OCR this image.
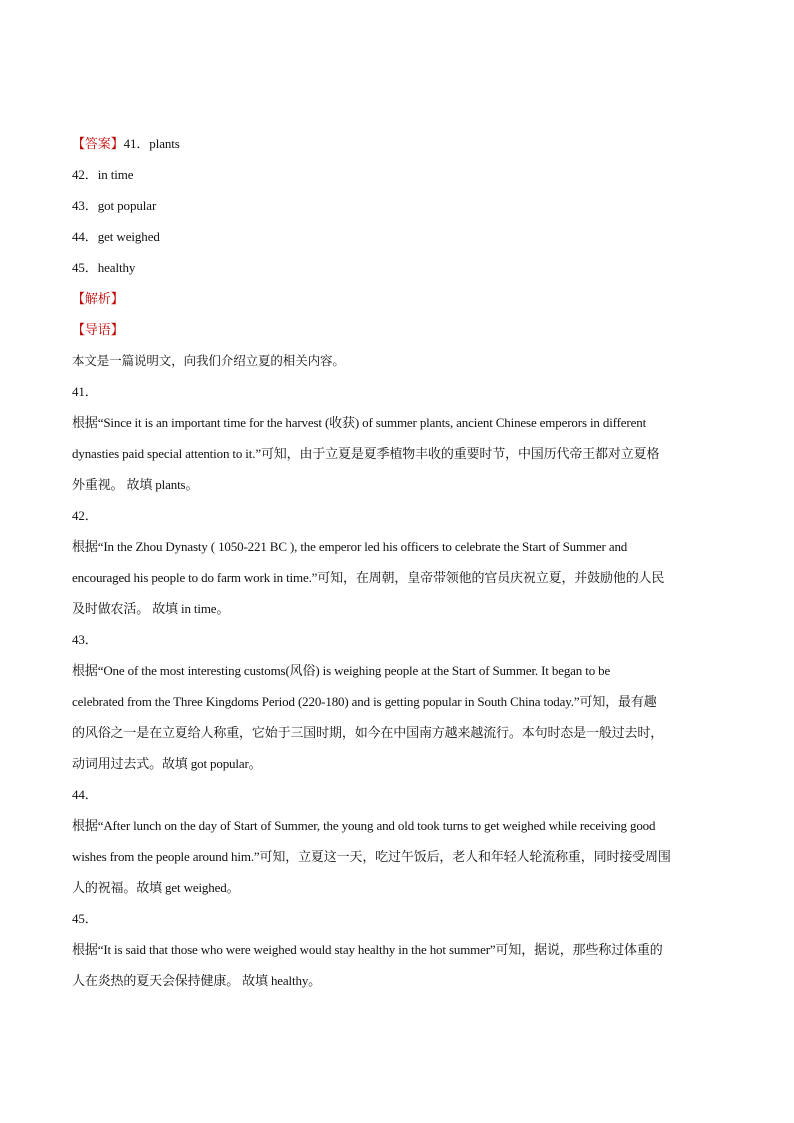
【答案】41．plants
42．in time
43．got popular
44．get weighed
45．healthy
【解析】
【导语】
本文是一篇说明文，向我们介绍立夏的相关内容。
41．
根据“Since it is an important time for the harvest (收获) of summer plants, ancient Chinese emperors in different
dynasties paid special attention to it.”可知，由于立夏是夏季植物丰收的重要时节，中国历代帝王都对立夏格
外重视。 故填 plants。
42．
根据“In the Zhou Dynasty ( 1050-221 BC ), the emperor led his officers to celebrate the Start of Summer and
encouraged his people to do farm work in time.”可知，在周朝，皇帝带领他的官员庆祝立夏，并鼓励他的人民
及时做农活。 故填 in time。
43．
根据“One of the most interesting customs(风俗) is weighing people at the Start of Summer. It began to be
celebrated from the Three Kingdoms Period (220-180) and is getting popular in South China today.”可知，最有趣
的风俗之一是在立夏给人称重，它始于三国时期，如今在中国南方越来越流行。本句时态是一般过去时，
动词用过去式。故填 got popular。
44．
根据“After lunch on the day of Start of Summer, the young and old took turns to get weighed while receiving good
wishes from the people around him.”可知，立夏这一天，吃过午饭后，老人和年轻人轮流称重，同时接受周围
人的祝福。故填 get weighed。
45．
根据“It is said that those who were weighed would stay healthy in the hot summer”可知，据说，那些称过体重的
人在炎热的夏天会保持健康。 故填 healthy。
